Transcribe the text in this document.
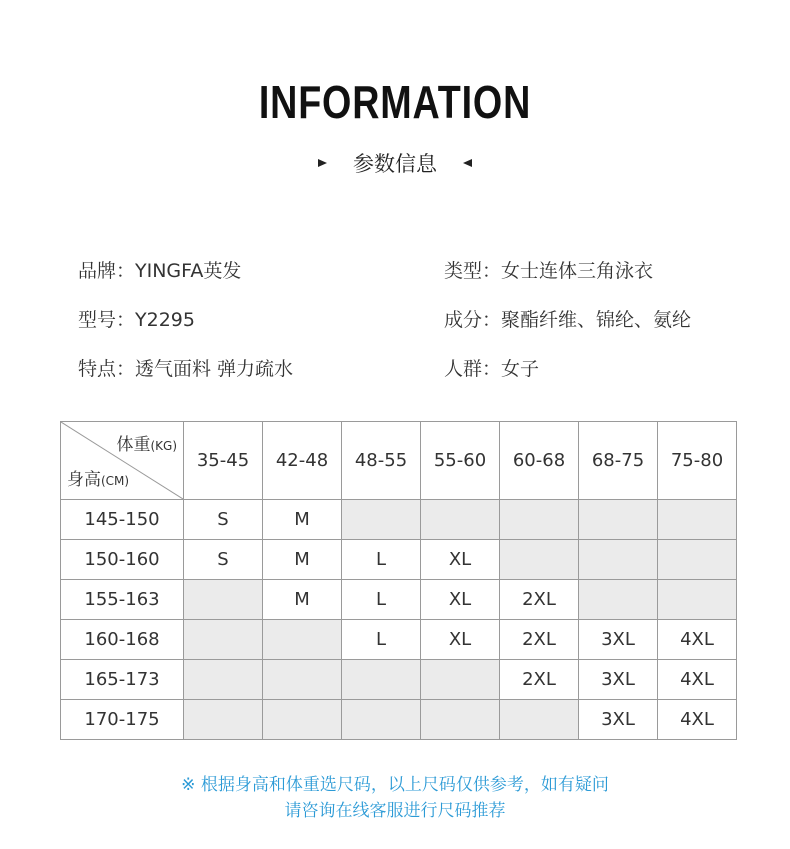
INFORMATION
参数信息
品牌：YINGFA英发	类型：女士连体三角泳衣
型号：Y2295	成分：聚酯纤维、锦纶、氨纶
特点：透气面料 弹力疏水	人群：女子
体重(KG)
身高(CM)	35-45	42-48	48-55	55-60	60-68	68-75	75-80
145-150	S	M					
150-160	S	M	L	XL			
155-163		M	L	XL	2XL		
160-168			L	XL	2XL	3XL	4XL
165-173					2XL	3XL	4XL
170-175						3XL	4XL
※ 根据身高和体重选尺码，以上尺码仅供参考，如有疑问
请咨询在线客服进行尺码推荐
